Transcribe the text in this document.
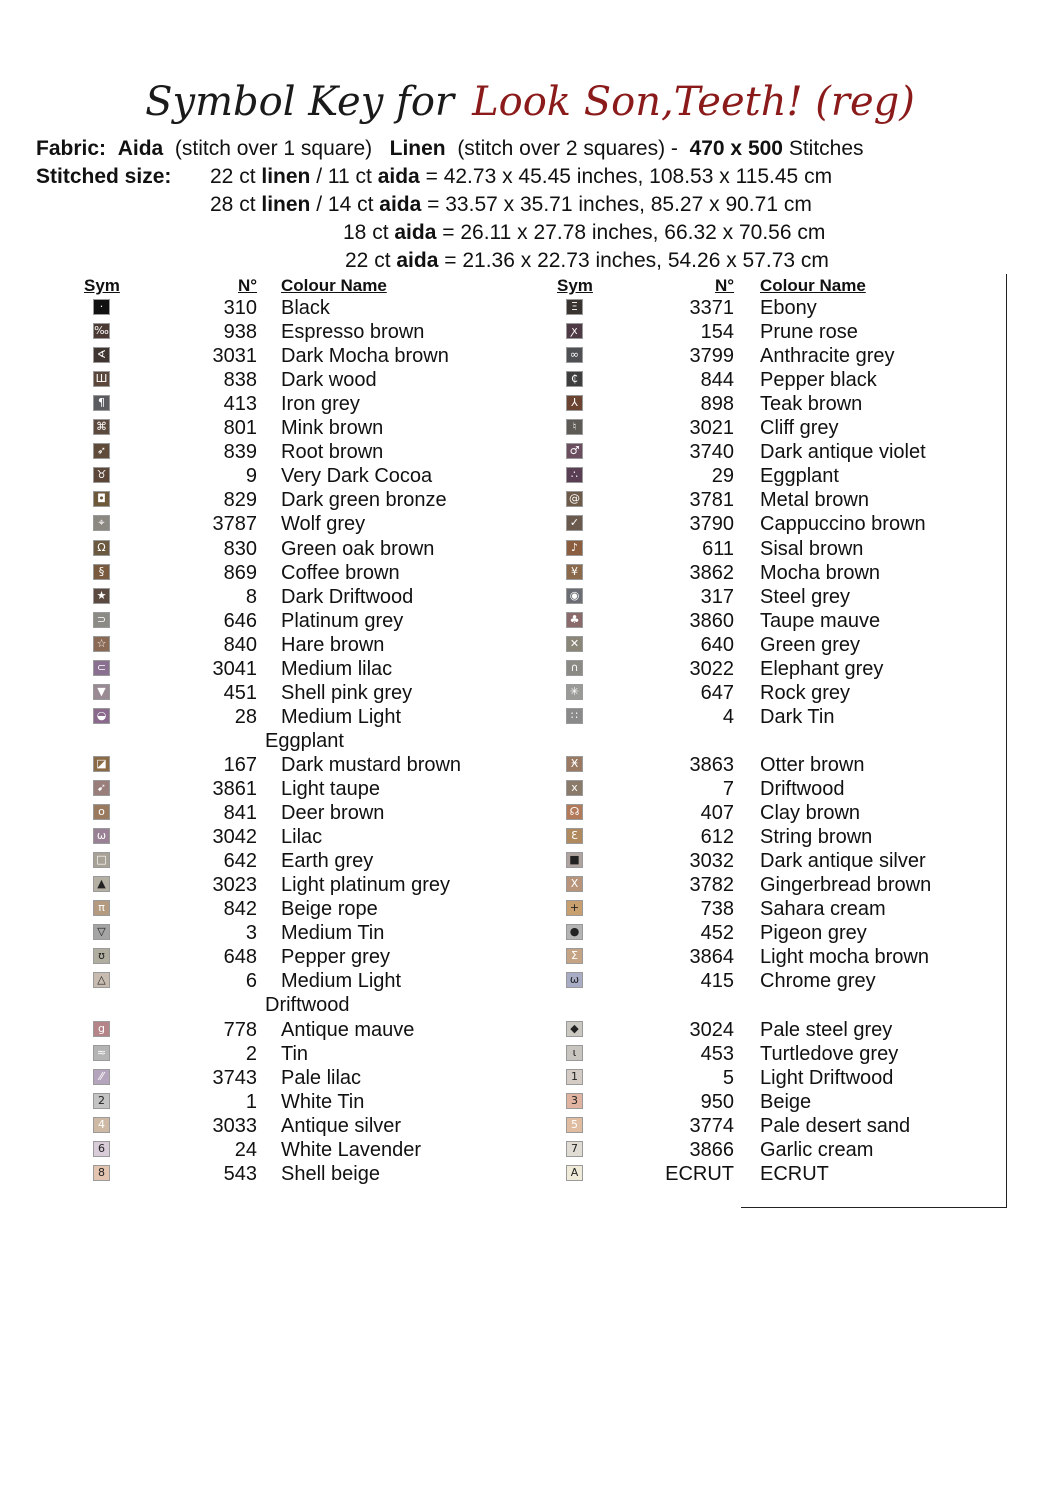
Symbol Key for Look Son,Teeth! (reg)
Fabric: Aida (stitch over 1 square) Linen (stitch over 2 squares) - 470 x 500 Stitches
Stitched size: 22 ct linen / 11 ct aida = 42.73 x 45.45 inches, 108.53 x 115.45 cm
28 ct linen / 14 ct aida = 33.57 x 35.71 inches, 85.27 x 90.71 cm
18 ct aida = 26.11 x 27.78 inches, 66.32 x 70.56 cm
22 ct aida = 21.36 x 22.73 inches, 54.26 x 57.73 cm
Sym	N° Colour Name	Sym	N° Colour Name
·	310 Black
‰	938 Espresso brown
∢	3031 Dark Mocha brown
Ш	838 Dark wood
¶	413 Iron grey
⌘	801 Mink brown
➶	839 Root brown
♉	9 Very Dark Cocoa
◘	829 Dark green bronze
⌖	3787 Wolf grey
Ω	830 Green oak brown
§	869 Coffee brown
★	8 Dark Driftwood
⊃	646 Platinum grey
☆	840 Hare brown
⊂	3041 Medium lilac
▼	451 Shell pink grey
◒	28 Medium Light
Eggplant
◪	167 Dark mustard brown
➹	3861 Light taupe
o	841 Deer brown
ω	3042 Lilac
□	642 Earth grey
▲	3023 Light platinum grey
π	842 Beige rope
▽	3 Medium Tin
ʊ	648 Pepper grey
△	6 Medium Light
Driftwood
g	778 Antique mauve
≈	2 Tin
⁄⁄	3743 Pale lilac
2	1 White Tin
4	3033 Antique silver
6	24 White Lavender
8	543 Shell beige
Ξ	3371 Ebony
ꭗ	154 Prune rose
∞	3799 Anthracite grey
₵	844 Pepper black
⅄	898 Teak brown
♮	3021 Cliff grey
♂	3740 Dark antique violet
∴	29 Eggplant
@	3781 Metal brown
✓	3790 Cappuccino brown
♪	611 Sisal brown
¥	3862 Mocha brown
◉	317 Steel grey
♣	3860 Taupe mauve
✕	640 Green grey
∩	3022 Elephant grey
✳	647 Rock grey
∷	4 Dark Tin
Ӿ	3863 Otter brown
x	7 Driftwood
☊	407 Clay brown
Ɛ	612 String brown
■	3032 Dark antique silver
Χ	3782 Gingerbread brown
+	738 Sahara cream
●	452 Pigeon grey
Σ	3864 Light mocha brown
ω	415 Chrome grey
◆	3024 Pale steel grey
ɩ	453 Turtledove grey
1	5 Light Driftwood
3	950 Beige
5	3774 Pale desert sand
7	3866 Garlic cream
A	ECRUT ECRUT
